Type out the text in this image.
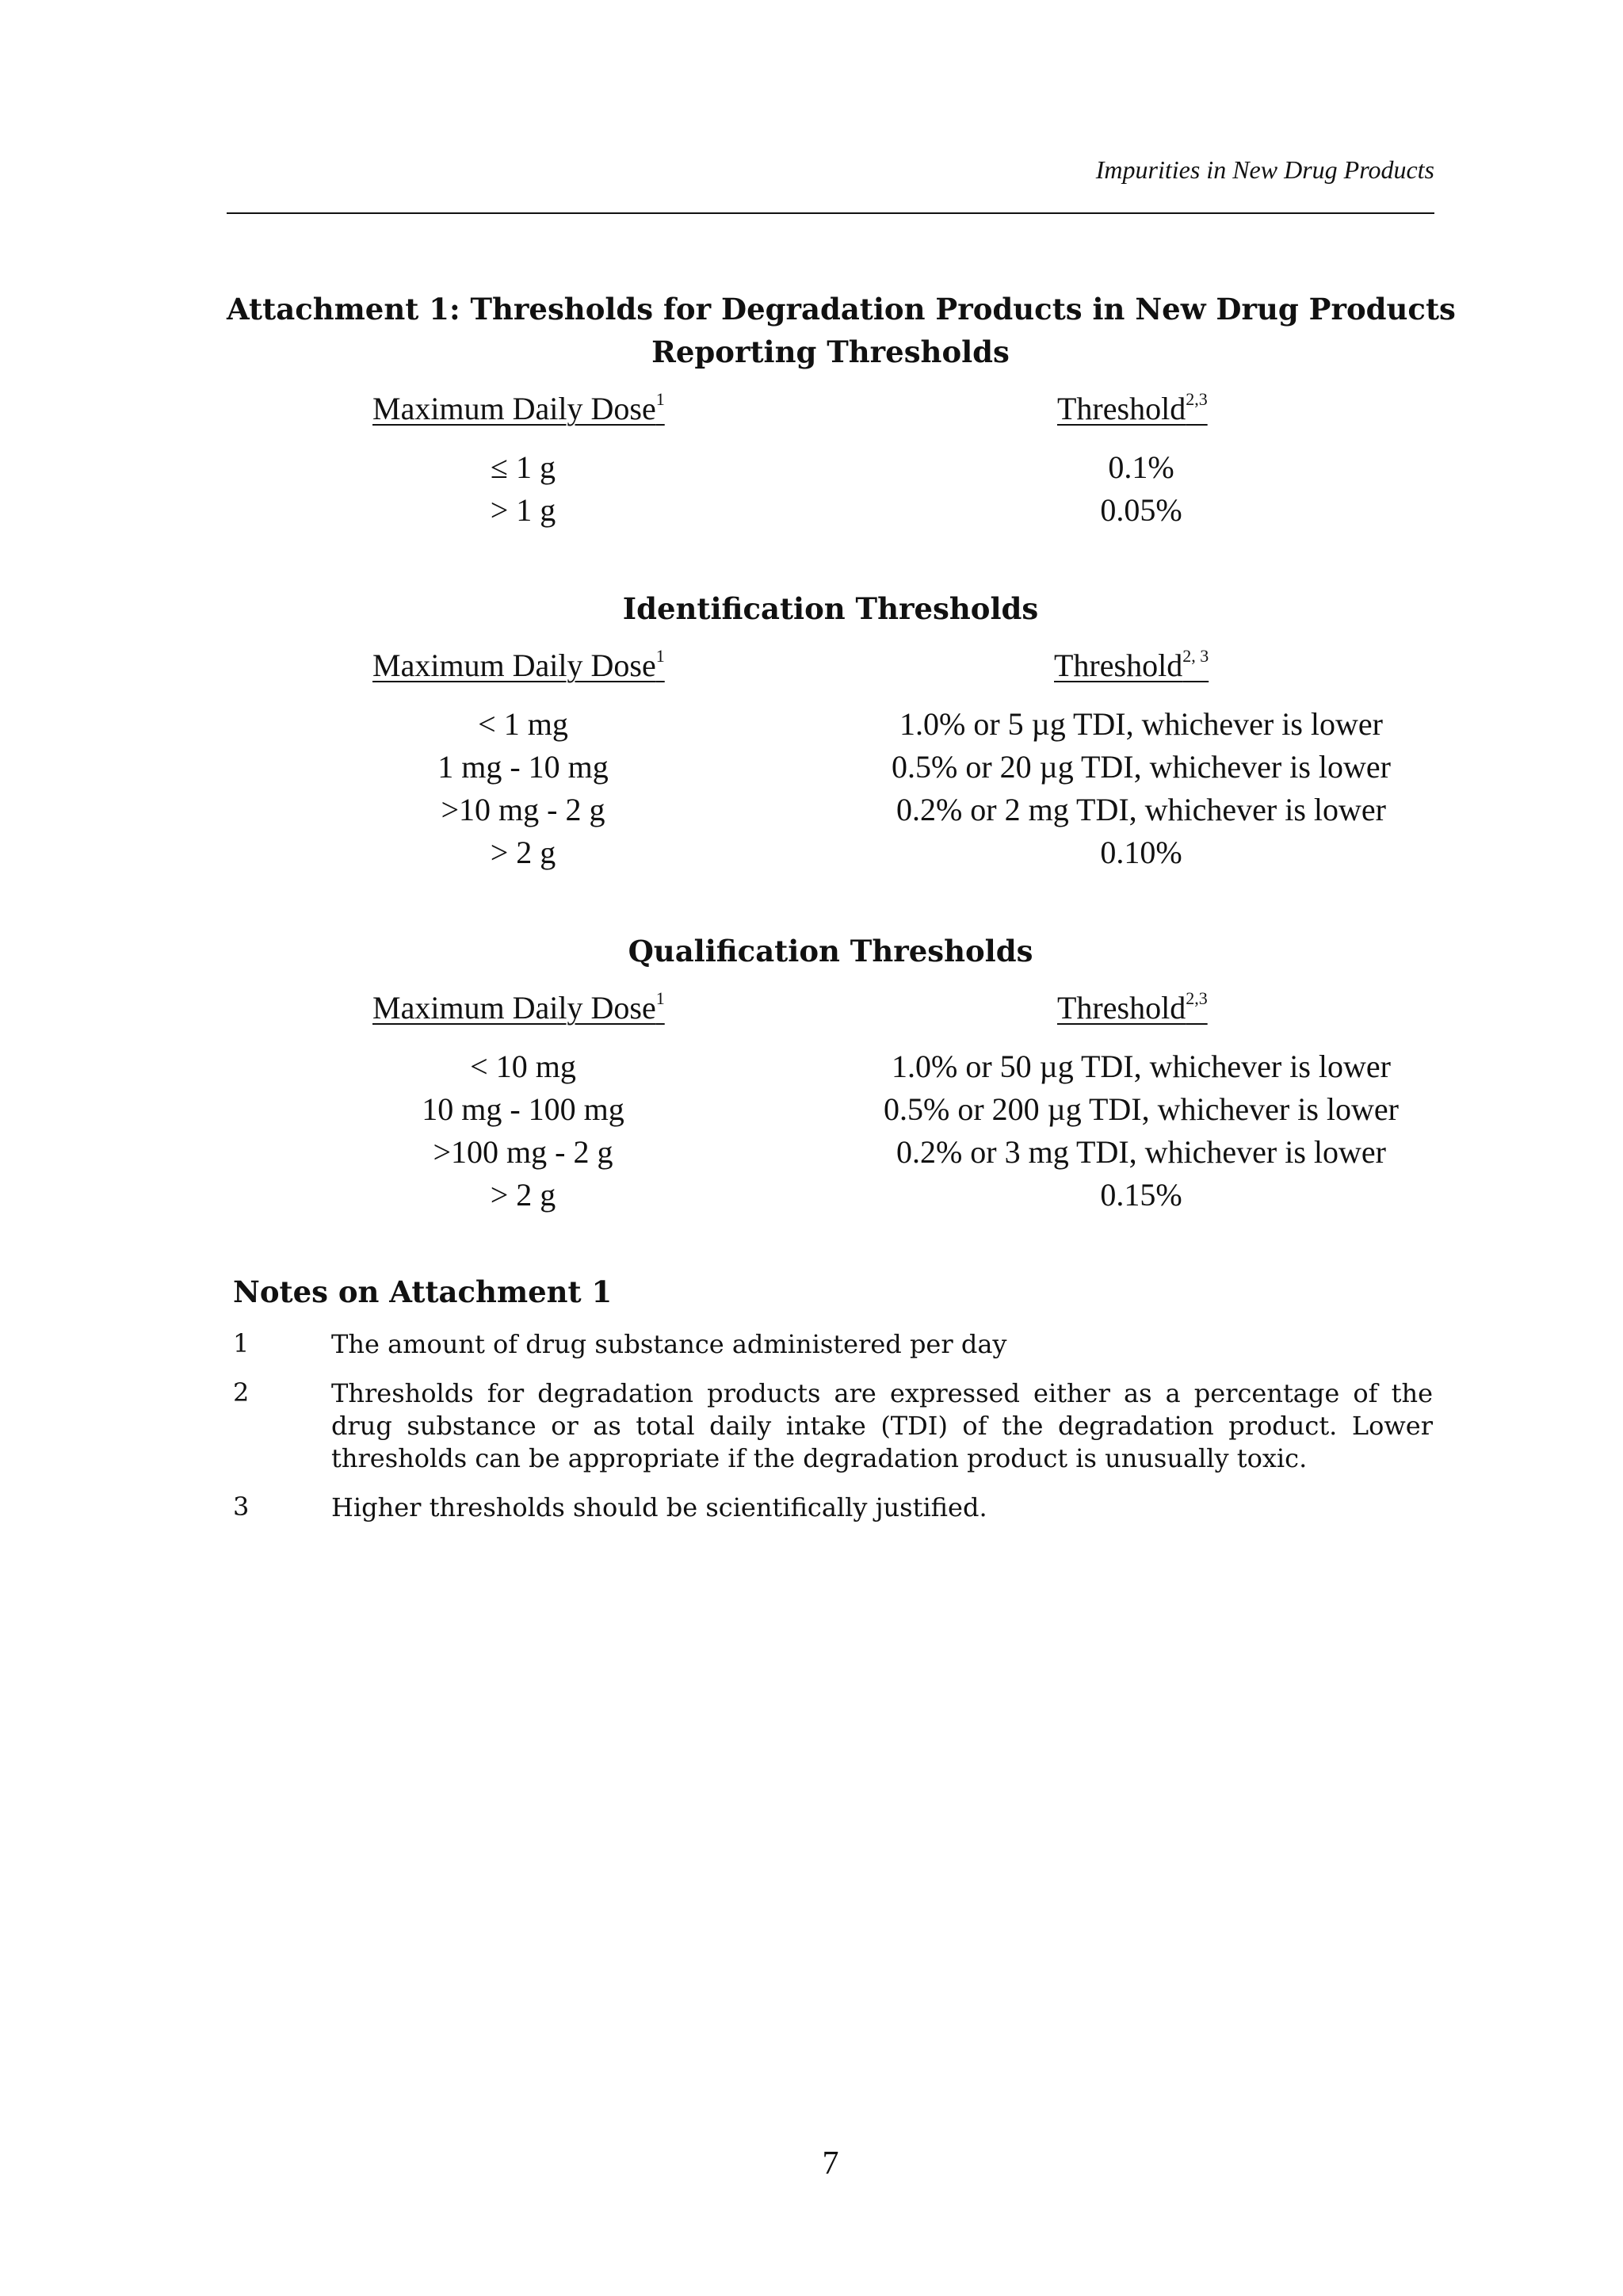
Impurities in New Drug Products
Attachment 1: Thresholds for Degradation Products in New Drug Products
Reporting Thresholds
Maximum Daily Dose$^1$	Threshold$^{2,3}$
≤ 1 g	0.1%
> 1 g	0.05%
Identification Thresholds
Maximum Daily Dose$^1$	Threshold$^{2, 3}$
< 1 mg	1.0% or 5 µg TDI, whichever is lower
1 mg - 10 mg	0.5% or 20 µg TDI, whichever is lower
>10 mg - 2 g	0.2% or 2 mg TDI, whichever is lower
> 2 g	0.10%
Qualification Thresholds
Maximum Daily Dose$^1$	Threshold$^{2,3}$
< 10 mg	1.0% or 50 µg TDI, whichever is lower
10 mg - 100 mg	0.5% or 200 µg TDI, whichever is lower
>100 mg - 2 g	0.2% or 3 mg TDI, whichever is lower
> 2 g	0.15%
Notes on Attachment 1
1	The amount of drug substance administered per day
2	Thresholds for degradation products are expressed either as a percentage of the drug substance or as total daily intake (TDI) of the degradation product. Lower thresholds can be appropriate if the degradation product is unusually toxic.
3	Higher thresholds should be scientifically justified.
7
